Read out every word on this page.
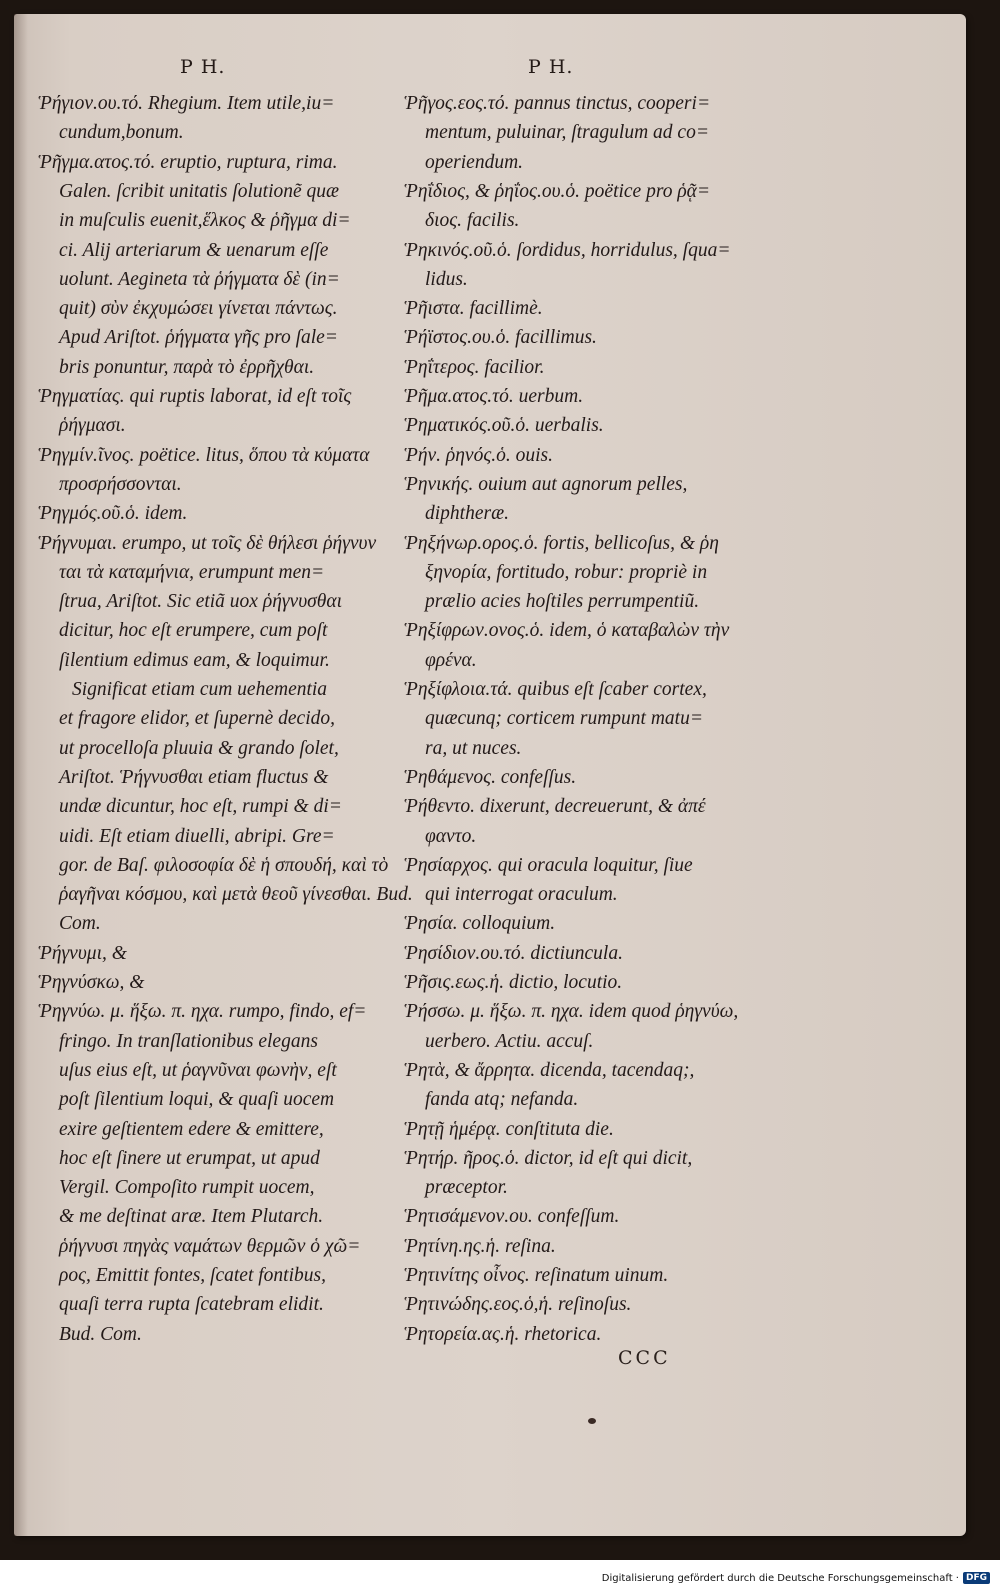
P H.	P H.
Ῥήγιον.ου.τό. Rhegium. Item utile,iu=
cundum,bonum.
Ῥῆγμα.ατος.τό. eruptio, ruptura, rima.
Galen. ſcribit unitatis ſolutionẽ quæ
in muſculis euenit,ἕλκος & ῥῆγμα di=
ci. Alij arteriarum & uenarum eſſe
uolunt. Aegineta τὰ ῥήγματα δὲ (in=
quit) σὺν ἐκχυμώσει γίνεται πάντως.
Apud Ariſtot. ῥήγματα γῆς pro ſale=
bris ponuntur, παρὰ τὸ ἐρρῆχθαι.
Ῥηγματίας. qui ruptis laborat, id eſt τοῖς
ῥήγμασι.
Ῥηγμίν.ῖνος. poëtice. litus, ὅπου τὰ κύματα
προσρήσσονται.
Ῥηγμός.οῦ.ὁ. idem.
Ῥήγνυμαι. erumpo, ut τοῖς δὲ θήλεσι ῥήγνυν
ται τὰ καταμήνια, erumpunt men=
ſtrua, Ariſtot. Sic etiã uox ῥήγνυσθαι
dicitur, hoc eſt erumpere, cum poſt
ſilentium edimus eam, & loquimur.
Significat etiam cum uehementia
et fragore elidor, et ſupernè decido,
ut procelloſa pluuia & grando ſolet,
Ariſtot. Ῥήγνυσθαι etiam fluctus &
undæ dicuntur, hoc eſt, rumpi & di=
uidi. Eſt etiam diuelli, abripi. Gre=
gor. de Baſ. φιλοσοφία δὲ ἡ σπουδή, καὶ τὸ
ῥαγῆναι κόσμου, καὶ μετὰ θεοῦ γίνεσθαι. Bud.
Com.
Ῥήγνυμι, &
Ῥηγνύσκω, &
Ῥηγνύω. μ. ἥξω. π. ηχα. rumpo, findo, ef=
fringo. In tranſlationibus elegans
uſus eius eſt, ut ῥαγνῦναι φωνὴν, eſt
poſt ſilentium loqui, & quaſi uocem
exire geſtientem edere & emittere,
hoc eſt ſinere ut erumpat, ut apud
Vergil. Compoſito rumpit uocem,
& me deſtinat aræ. Item Plutarch.
ῥήγνυσι πηγὰς ναμάτων θερμῶν ὁ χῶ=
ρος, Emittit fontes, ſcatet fontibus,
quaſi terra rupta ſcatebram elidit.
Bud. Com.
Ῥῆγος.εος.τό. pannus tinctus, cooperi=
mentum, puluinar, ſtragulum ad co=
operiendum.
Ῥηΐδιος, & ῥηΐος.ου.ὁ. poëtice pro ῥᾷ=
διος. facilis.
Ῥηκινός.οῦ.ὁ. ſordidus, horridulus, ſqua=
lidus.
Ῥῆιστα. facillimè.
Ῥήϊστος.ου.ὁ. facillimus.
Ῥηΐτερος. facilior.
Ῥῆμα.ατος.τό. uerbum.
Ῥηματικός.οῦ.ὁ. uerbalis.
Ῥήν. ῥηνός.ὁ. ouis.
Ῥηνικής. ouium aut agnorum pelles,
diphtheræ.
Ῥηξήνωρ.ορος.ὁ. fortis, bellicoſus, & ῥη
ξηνορία, fortitudo, robur: propriè in
prælio acies hoſtiles perrumpentiũ.
Ῥηξίφρων.ονος.ὁ. idem, ὁ καταβαλὼν τὴν
φρένα.
Ῥηξίφλοια.τά. quibus eſt ſcaber cortex,
quæcunq; corticem rumpunt matu=
ra, ut nuces.
Ῥηθάμενος. confeſſus.
Ῥήθεντο. dixerunt, decreuerunt, & ἀπέ
φαντο.
Ῥησίαρχος. qui oracula loquitur, ſiue
qui interrogat oraculum.
Ῥησία. colloquium.
Ῥησίδιον.ου.τό. dictiuncula.
Ῥῆσις.εως.ἡ. dictio, locutio.
Ῥήσσω. μ. ἥξω. π. ηχα. idem quod ῥηγνύω,
uerbero. Actiu. accuſ.
Ῥητὰ, & ἄρρητα. dicenda, tacendaq;,
fanda atq; nefanda.
Ῥητῇ ἡμέρᾳ. conſtituta die.
Ῥητήρ. ῆρος.ὁ. dictor, id eſt qui dicit,
præceptor.
Ῥητισάμενον.ου. confeſſum.
Ῥητίνη.ης.ἡ. reſina.
Ῥητινίτης οἶνος. reſinatum uinum.
Ῥητινώδης.εος.ὁ,ἡ. reſinoſus.
Ῥητορεία.ας.ἡ. rhetorica.
CCC
Digitalisierung gefördert durch die Deutsche Forschungsgemeinschaft · DFG
